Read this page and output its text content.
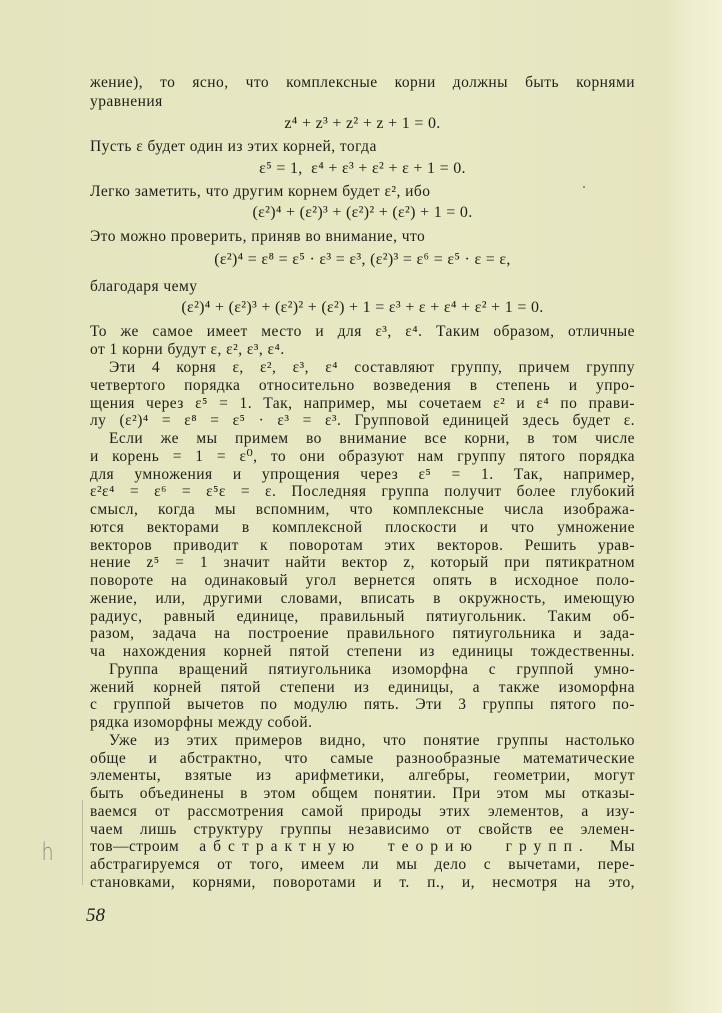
жение), то ясно, что комплексные корни должны быть корнями
уравнения
z⁴ + z³ + z² + z + 1 = 0.
Пусть ε будет один из этих корней, тогда
ε⁵ = 1,  ε⁴ + ε³ + ε² + ε + 1 = 0.
Легко заметить, что другим корнем будет ε², ибо
(ε²)⁴ + (ε²)³ + (ε²)² + (ε²) + 1 = 0.
Это можно проверить, приняв во внимание, что
(ε²)⁴ = ε⁸ = ε⁵ · ε³ = ε³, (ε²)³ = ε⁶ = ε⁵ · ε = ε,
благодаря чему
(ε²)⁴ + (ε²)³ + (ε²)² + (ε²) + 1 = ε³ + ε + ε⁴ + ε² + 1 = 0.
То же самое имеет место и для ε³, ε⁴. Таким образом, отличные
от 1 корни будут ε, ε², ε³, ε⁴.
Эти 4 корня ε, ε², ε³, ε⁴ составляют группу, причем группу
четвертого порядка относительно возведения в степень и упро-
щения через ε⁵ = 1. Так, например, мы сочетаем ε² и ε⁴ по прави-
лу (ε²)⁴ = ε⁸ = ε⁵ · ε³ = ε³. Групповой единицей здесь будет ε.
Если же мы примем во внимание все корни, в том числе
и корень = 1 = ε⁰, то они образуют нам группу пятого порядка
для умножения и упрощения через ε⁵ = 1. Так, например,
ε²ε⁴ = ε⁶ = ε⁵ε = ε. Последняя группа получит более глубокий
смысл, когда мы вспомним, что комплексные числа изобража-
ются векторами в комплексной плоскости и что умножение
векторов приводит к поворотам этих векторов. Решить урав-
нение z⁵ = 1 значит найти вектор z, который при пятикратном
повороте на одинаковый угол вернется опять в исходное поло-
жение, или, другими словами, вписать в окружность, имеющую
радиус, равный единице, правильный пятиугольник. Таким об-
разом, задача на построение правильного пятиугольника и зада-
ча нахождения корней пятой степени из единицы тождественны.
Группа вращений пятиугольника изоморфна с группой умно-
жений корней пятой степени из единицы, а также изоморфна
с группой вычетов по модулю пять. Эти 3 группы пятого по-
рядка изоморфны между собой.
Уже из этих примеров видно, что понятие группы настолько
обще и абстрактно, что самые разнообразные математические
элементы, взятые из арифметики, алгебры, геометрии, могут
быть объединены в этом общем понятии. При этом мы отказы-
ваемся от рассмотрения самой природы этих элементов, а изу-
чаем лишь структуру группы независимо от свойств ее элемен-
тов—строим абстрактную теорию групп. Мы
абстрагируемся от того, имеем ли мы дело с вычетами, пере-
становками, корнями, поворотами и т. п., и, несмотря на это,
h
58
